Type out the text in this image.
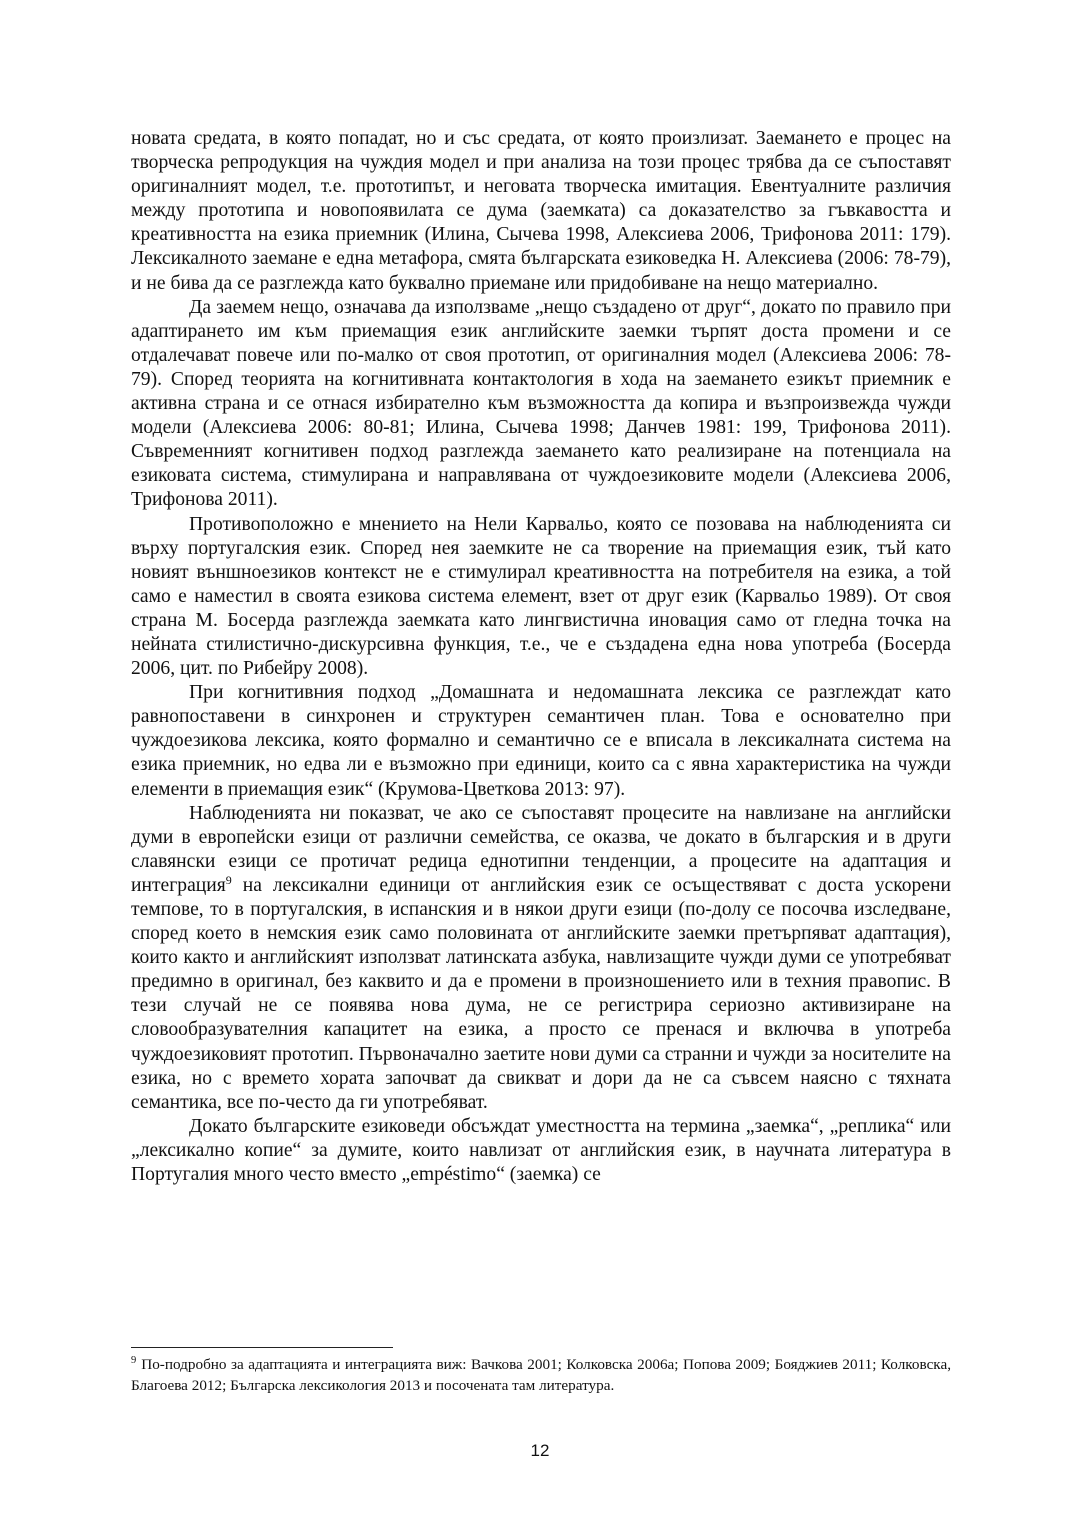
новата средата, в която попадат, но и със средата, от която произлизат. Заемането е процес на творческа репродукция на чуждия модел и при анализа на този процес трябва да се съпоставят оригиналният модел, т.е. прототипът, и неговата творческа имитация. Евентуалните различия между прототипа и новопоявилата се дума (заемката) са доказателство за гъвкавостта и креативността на езика приемник (Илина, Сычева 1998, Алексиева 2006, Трифонова 2011: 179). Лексикалното заемане е една метафора, смята българската езиковедка Н. Алексиева (2006: 78-79), и не бива да се разглежда като буквално приемане или придобиване на нещо материално.

Да заемем нещо, означава да използваме „нещо създадено от друг“, докато по правило при адаптирането им към приемащия език английските заемки търпят доста промени и се отдалечават повече или по-малко от своя прототип, от оригиналния модел (Алексиева 2006: 78-79). Според теорията на когнитивната контактология в хода на заемането езикът приемник е активна страна и се отнася избирателно към възможността да копира и възпроизвежда чужди модели (Алексиева 2006: 80-81; Илина, Сычева 1998; Данчев 1981: 199, Трифонова 2011). Съвременният когнитивен подход разглежда заемането като реализиране на потенциала на езиковата система, стимулирана и направлявана от чуждоезиковите модели (Алексиева 2006, Трифонова 2011).

Противоположно е мнението на Нели Карвальо, която се позовава на наблюденията си върху португалския език. Според нея заемките не са творение на приемащия език, тъй като новият външноезиков контекст не е стимулирал креативността на потребителя на езика, а той само е наместил в своята езикова система елемент, взет от друг език (Карвальо 1989). От своя страна М. Босерда разглежда заемката като лингвистична иновация само от гледна точка на нейната стилистично-дискурсивна функция, т.е., че е създадена една нова употреба (Босерда 2006, цит. по Рибейру 2008).

При когнитивния подход „Домашната и недомашната лексика се разглеждат като равнопоставени в синхронен и структурен семантичен план. Това е основателно при чуждоезикова лексика, която формално и семантично се е вписала в лексикалната система на езика приемник, но едва ли е възможно при единици, които са с явна характеристика на чужди елементи в приемащия език“ (Крумова-Цветкова 2013: 97).

Наблюденията ни показват, че ако се съпоставят процесите на навлизане на английски думи в европейски езици от различни семейства, се оказва, че докато в българския и в други славянски езици се протичат редица еднотипни тенденции, а процесите на адаптация и интеграция$^9$ на лексикални единици от английския език се осъществяват с доста ускорени темпове, то в португалския, в испанския и в някои други езици (по-долу се посочва изследване, според което в немския език само половината от английските заемки претърпяват адаптация), които както и английският използват латинската азбука, навлизащите чужди думи се употребяват предимно в оригинал, без каквито и да е промени в произношението или в техния правопис. В тези случай не се появява нова дума, не се регистрира сериозно активизиране на словообразувателния капацитет на езика, а просто се пренася и включва в употреба чуждоезиковият прототип. Първоначално заетите нови думи са странни и чужди за носителите на езика, но с времето хората започват да свикват и дори да не са съвсем наясно с тяхната семантика, все по-често да ги употребяват.

Докато българските езиковеди обсъждат уместността на термина „заемка“, „реплика“ или „лексикално копие“ за думите, които навлизат от английския език, в научната литература в Португалия много често вместо „empéstimo“ (заемка) се

$^9$ По-подробно за адаптацията и интеграцията виж: Вачкова 2001; Колковска 2006а; Попова 2009; Бояджиев 2011; Колковска, Благоева 2012; Българска лексикология 2013 и посочената там литература.
12
